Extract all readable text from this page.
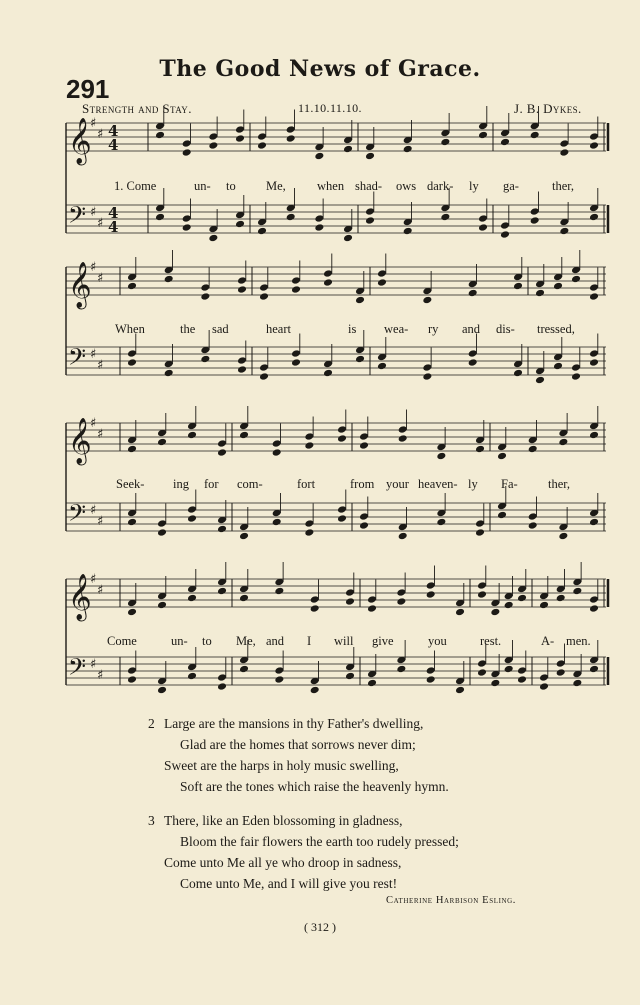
The Good News of Grace.
291
Strength and Stay.	11.10.11.10.	J. B. Dykes.
𝄞
♯
♯ 4
4
𝄢 ♯
♯
4
4
𝄞
♯
♯
𝄢 ♯
♯
𝄞
♯
♯
𝄢 ♯
♯
𝄞
♯
♯
𝄢 ♯
♯
1. Come	un- to Me, when shad- ows dark- ly ga-	ther,
When	the sad	heart	is wea- ry and dis- tressed,
Seek- ing for com-	fort	from your heaven- ly Fa- ther,
Come	un- to Me, and I will give	you	rest.	A- men.
2 Large are the mansions in thy Father's dwelling,
Glad are the homes that sorrows never dim;
Sweet are the harps in holy music swelling,
Soft are the tones which raise the heavenly hymn.
3 There, like an Eden blossoming in gladness,
Bloom the fair flowers the earth too rudely pressed;
Come unto Me all ye who droop in sadness,
Come unto Me, and I will give you rest!
Catherine Harbison Esling.
( 312 )
